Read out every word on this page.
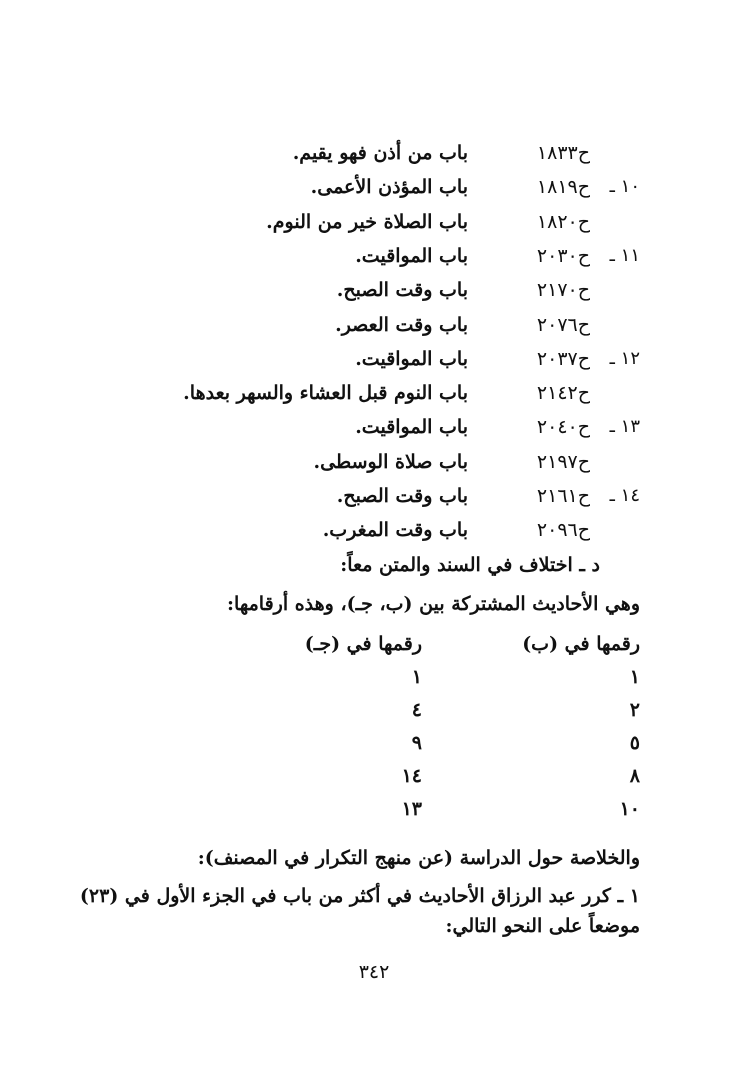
ح١٨٣٣
باب من أذن فهو يقيم.
١٠ ـ
ح١٨١٩
باب المؤذن الأعمى.
ح١٨٢٠
باب الصلاة خير من النوم.
١١ ـ
ح٢٠٣٠
باب المواقيت.
ح٢١٧٠
باب وقت الصبح.
ح٢٠٧٦
باب وقت العصر.
١٢ ـ
ح٢٠٣٧
باب المواقيت.
ح٢١٤٢
باب النوم قبل العشاء والسهر بعدها.
١٣ ـ
ح٢٠٤٠
باب المواقيت.
ح٢١٩٧
باب صلاة الوسطى.
١٤ ـ
ح٢١٦١
باب وقت الصبح.
ح٢٠٩٦
باب وقت المغرب.
د ـ اختلاف في السند والمتن معاً:
وهي الأحاديث المشتركة بين (ب، جـ)، وهذه أرقامها:
رقمها في (ب)
رقمها في (جـ)
١
١
٢
٤
٥
٩
٨
١٤
١٠
١٣
والخلاصة حول الدراسة (عن منهج التكرار في المصنف):
١ ـ كرر عبد الرزاق الأحاديث في أكثر من باب في الجزء الأول في (٢٣)
موضعاً على النحو التالي:
٣٤٢
